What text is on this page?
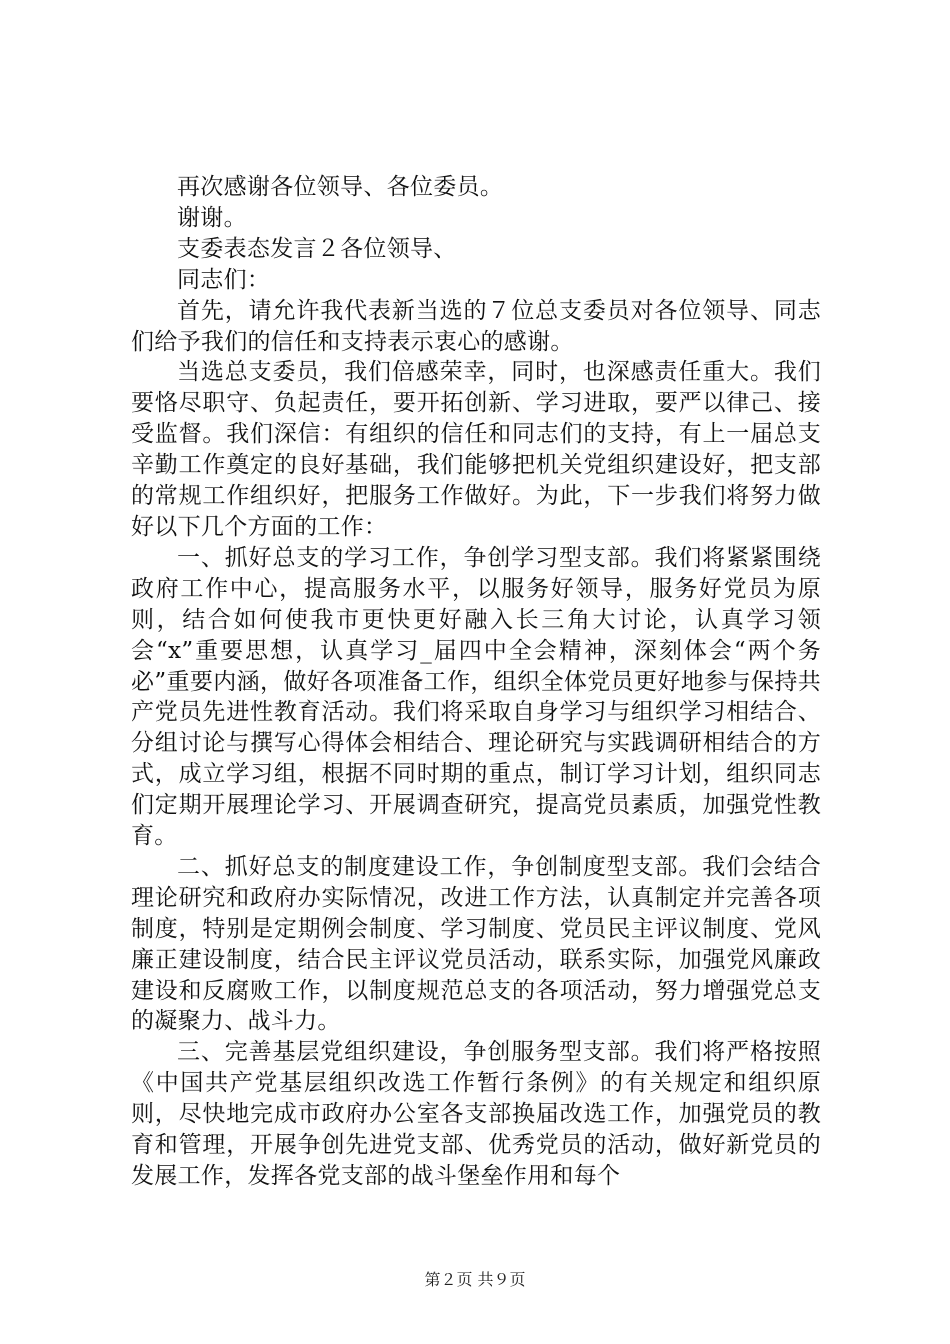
再次感谢各位领导、各位委员。

谢谢。

支委表态发言２各位领导、

同志们：

首先，请允许我代表新当选的７位总支委员对各位领导、同志们给予我们的信任和支持表示衷心的感谢。

当选总支委员，我们倍感荣幸，同时，也深感责任重大。我们要恪尽职守、负起责任，要开拓创新、学习进取，要严以律己、接受监督。我们深信：有组织的信任和同志们的支持，有上一届总支辛勤工作奠定的良好基础，我们能够把机关党组织建设好，把支部的常规工作组织好，把服务工作做好。为此，下一步我们将努力做好以下几个方面的工作：

一、抓好总支的学习工作，争创学习型支部。我们将紧紧围绕政府工作中心，提高服务水平，以服务好领导，服务好党员为原则，结合如何使我市更快更好融入长三角大讨论，认真学习领会“x”重要思想，认真学习_届四中全会精神，深刻体会“两个务必”重要内涵，做好各项准备工作，组织全体党员更好地参与保持共产党员先进性教育活动。我们将采取自身学习与组织学习相结合、分组讨论与撰写心得体会相结合、理论研究与实践调研相结合的方式，成立学习组，根据不同时期的重点，制订学习计划，组织同志们定期开展理论学习、开展调查研究，提高党员素质，加强党性教育。

二、抓好总支的制度建设工作，争创制度型支部。我们会结合理论研究和政府办实际情况，改进工作方法，认真制定并完善各项制度，特别是定期例会制度、学习制度、党员民主评议制度、党风廉正建设制度，结合民主评议党员活动，联系实际，加强党风廉政建设和反腐败工作，以制度规范总支的各项活动，努力增强党总支的凝聚力、战斗力。

三、完善基层党组织建设，争创服务型支部。我们将严格按照《中国共产党基层组织改选工作暂行条例》的有关规定和组织原则，尽快地完成市政府办公室各支部换届改选工作，加强党员的教育和管理，开展争创先进党支部、优秀党员的活动，做好新党员的发展工作，发挥各党支部的战斗堡垒作用和每个

第２页 共９页
